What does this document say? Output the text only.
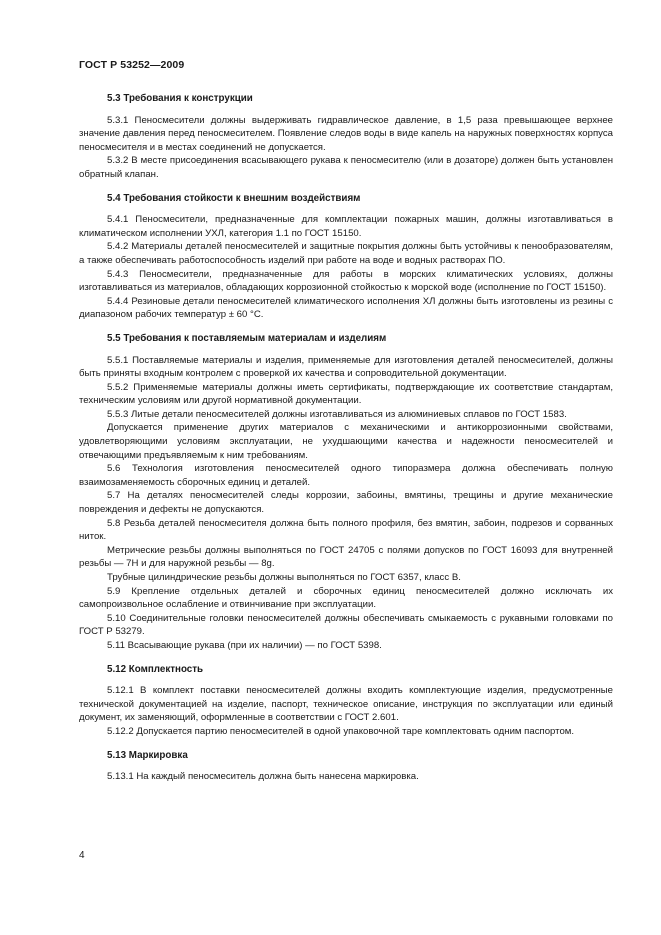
ГОСТ Р 53252—2009
5.3 Требования к конструкции

5.3.1 Пеносмесители должны выдерживать гидравлическое давление, в 1,5 раза превышающее верхнее значение давления перед пеносмесителем. Появление следов воды в виде капель на наружных поверхностях корпуса пеносмесителя и в местах соединений не допускается.

5.3.2 В месте присоединения всасывающего рукава к пеносмесителю (или в дозаторе) должен быть установлен обратный клапан.

5.4 Требования стойкости к внешним воздействиям

5.4.1 Пеносмесители, предназначенные для комплектации пожарных машин, должны изготавливаться в климатическом исполнении УХЛ, категория 1.1 по ГОСТ 15150.

5.4.2 Материалы деталей пеносмесителей и защитные покрытия должны быть устойчивы к пенообразователям, а также обеспечивать работоспособность изделий при работе на воде и водных растворах ПО.

5.4.3 Пеносмесители, предназначенные для работы в морских климатических условиях, должны изготавливаться из материалов, обладающих коррозионной стойкостью к морской воде (исполнение по ГОСТ 15150).

5.4.4 Резиновые детали пеносмесителей климатического исполнения ХЛ должны быть изготовлены из резины с диапазоном рабочих температур ± 60 °С.

5.5 Требования к поставляемым материалам и изделиям

5.5.1 Поставляемые материалы и изделия, применяемые для изготовления деталей пеносмесителей, должны быть приняты входным контролем с проверкой их качества и сопроводительной документации.

5.5.2 Применяемые материалы должны иметь сертификаты, подтверждающие их соответствие стандартам, техническим условиям или другой нормативной документации.

5.5.3 Литые детали пеносмесителей должны изготавливаться из алюминиевых сплавов по ГОСТ 1583.

Допускается применение других материалов с механическими и антикоррозионными свойствами, удовлетворяющими условиям эксплуатации, не ухудшающими качества и надежности пеносмесителей и отвечающими предъявляемым к ним требованиям.

5.6 Технология изготовления пеносмесителей одного типоразмера должна обеспечивать полную взаимозаменяемость сборочных единиц и деталей.

5.7 На деталях пеносмесителей следы коррозии, забоины, вмятины, трещины и другие механические повреждения и дефекты не допускаются.

5.8 Резьба деталей пеносмесителя должна быть полного профиля, без вмятин, забоин, подрезов и сорванных ниток.

Метрические резьбы должны выполняться по ГОСТ 24705 с полями допусков по ГОСТ 16093 для внутренней резьбы — 7Н и для наружной резьбы — 8g.

Трубные цилиндрические резьбы должны выполняться по ГОСТ 6357, класс В.

5.9 Крепление отдельных деталей и сборочных единиц пеносмесителей должно исключать их самопроизвольное ослабление и отвинчивание при эксплуатации.

5.10 Соединительные головки пеносмесителей должны обеспечивать смыкаемость с рукавными головками по ГОСТ Р 53279.

5.11 Всасывающие рукава (при их наличии) — по ГОСТ 5398.

5.12 Комплектность

5.12.1 В комплект поставки пеносмесителей должны входить комплектующие изделия, предусмотренные технической документацией на изделие, паспорт, техническое описание, инструкция по эксплуатации или единый документ, их заменяющий, оформленные в соответствии с ГОСТ 2.601.

5.12.2 Допускается партию пеносмесителей в одной упаковочной таре комплектовать одним паспортом.

5.13 Маркировка

5.13.1 На каждый пеносмеситель должна быть нанесена маркировка.

4
